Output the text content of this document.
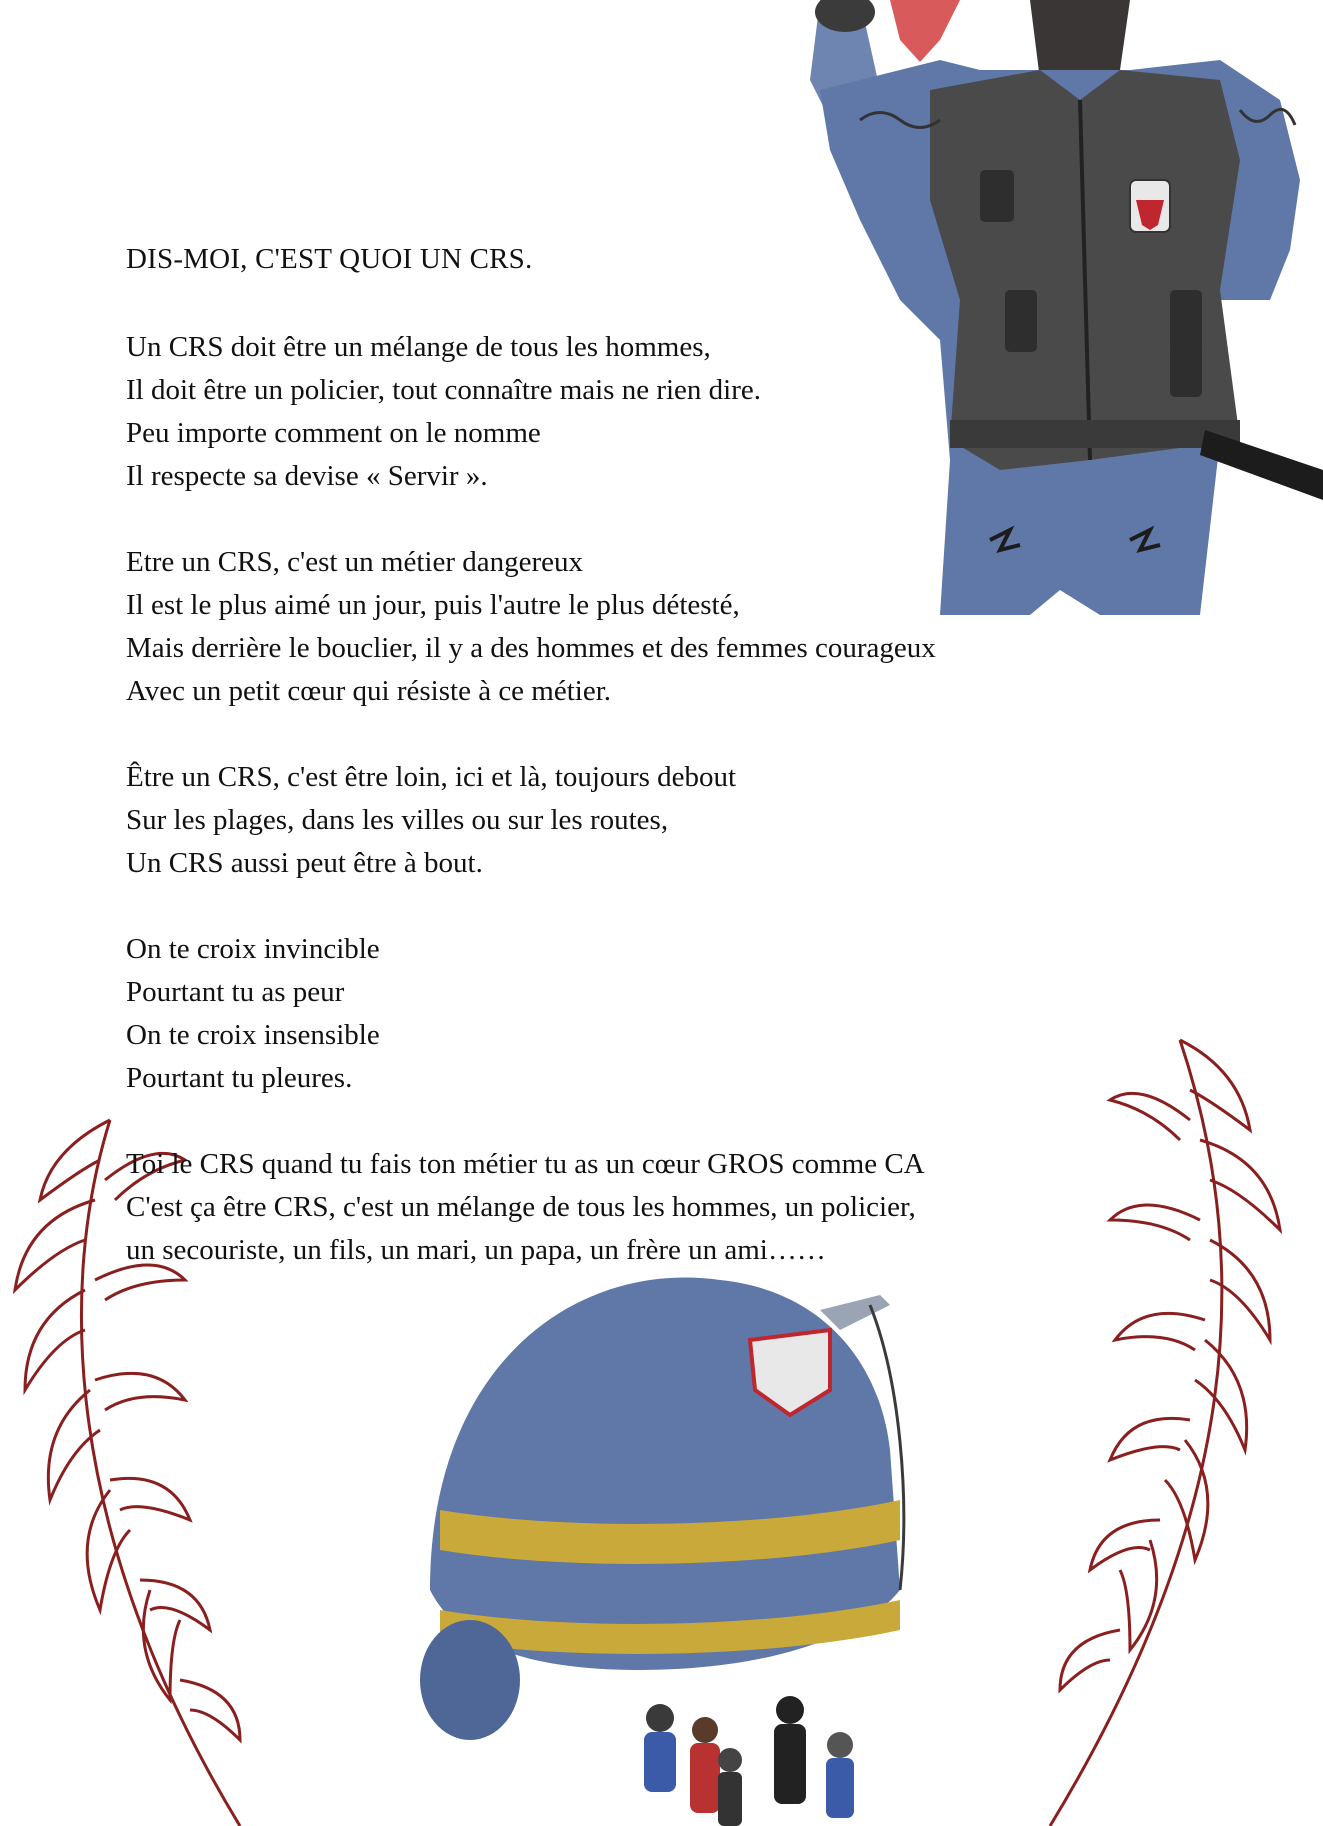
DIS-MOI, C'EST QUOI UN CRS.
Un CRS doit être un mélange de tous les hommes,
Il doit être un policier, tout connaître mais ne rien dire.
Peu importe comment on le nomme
Il respecte sa devise « Servir ».
Etre un CRS, c'est un métier dangereux
Il est le plus aimé un jour, puis l'autre le plus détesté,
Mais derrière le bouclier, il y a des hommes et des femmes courageux
Avec un petit cœur qui résiste à ce métier.
Être un CRS, c'est être loin, ici et là, toujours debout
Sur les plages, dans les villes ou sur les routes,
Un CRS aussi peut être à bout.
On te croix invincible
Pourtant tu as peur
On te croix insensible
Pourtant tu pleures.
Toi le CRS quand tu fais ton métier tu as un cœur GROS comme CA
C'est ça être CRS, c'est un mélange de tous les hommes, un policier,
un secouriste, un fils, un mari, un papa, un frère un ami……
